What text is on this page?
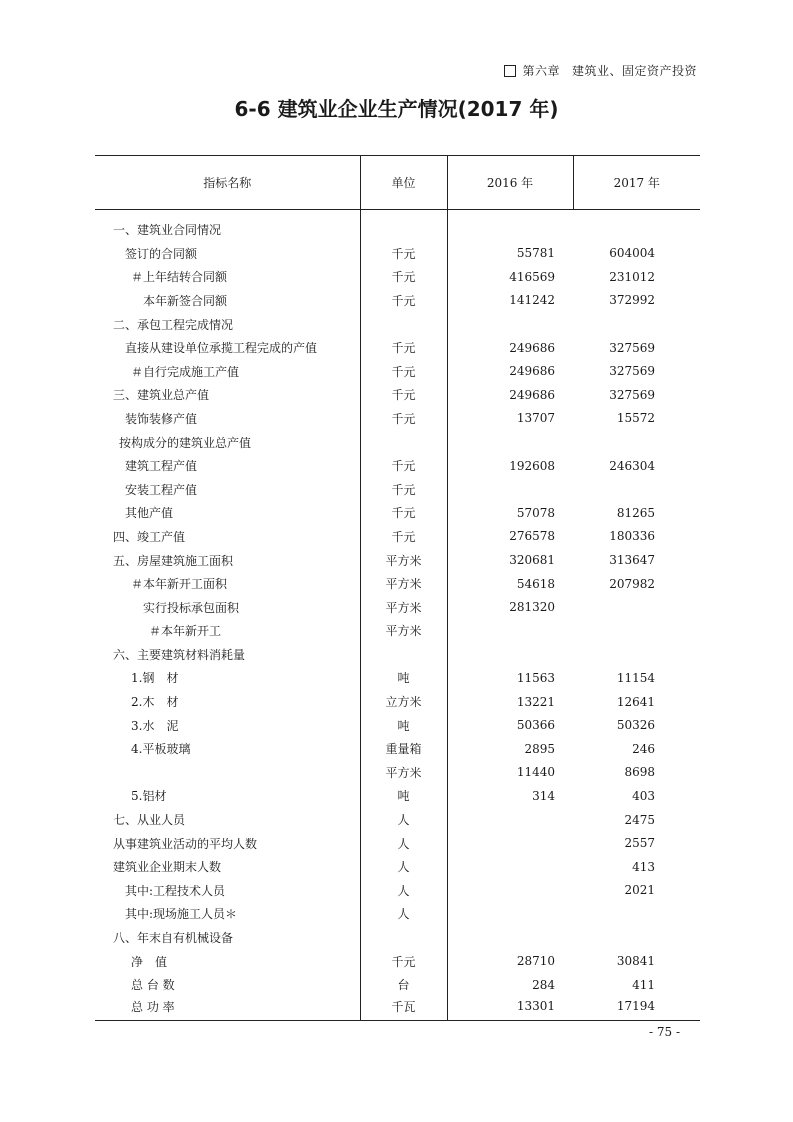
第六章 建筑业、固定资产投资
6-6 建筑业企业生产情况(2017 年)
指标名称	单位	2016 年	2017 年
一、建筑业合同情况			
签订的合同额	千元	55781	604004
＃上年结转合同额	千元	416569	231012
本年新签合同额	千元	141242	372992
二、承包工程完成情况			
直接从建设单位承揽工程完成的产值	千元	249686	327569
＃自行完成施工产值	千元	249686	327569
三、建筑业总产值	千元	249686	327569
装饰装修产值	千元	13707	15572
按构成分的建筑业总产值			
建筑工程产值	千元	192608	246304
安装工程产值	千元		
其他产值	千元	57078	81265
四、竣工产值	千元	276578	180336
五、房屋建筑施工面积	平方米	320681	313647
＃本年新开工面积	平方米	54618	207982
实行投标承包面积	平方米	281320	
＃本年新开工	平方米		
六、主要建筑材料消耗量			
1.钢　材	吨	11563	11154
2.木　材	立方米	13221	12641
3.水　泥	吨	50366	50326
4.平板玻璃	重量箱	2895	246
	平方米	11440	8698
5.铝材	吨	314	403
七、从业人员	人		2475
从事建筑业活动的平均人数	人		2557
建筑业企业期末人数	人		413
其中:工程技术人员	人		2021
其中:现场施工人员＊	人		
八、年末自有机械设备			
净　值	千元	28710	30841
总 台 数	台	284	411
总 功 率	千瓦	13301	17194
- 75 -
